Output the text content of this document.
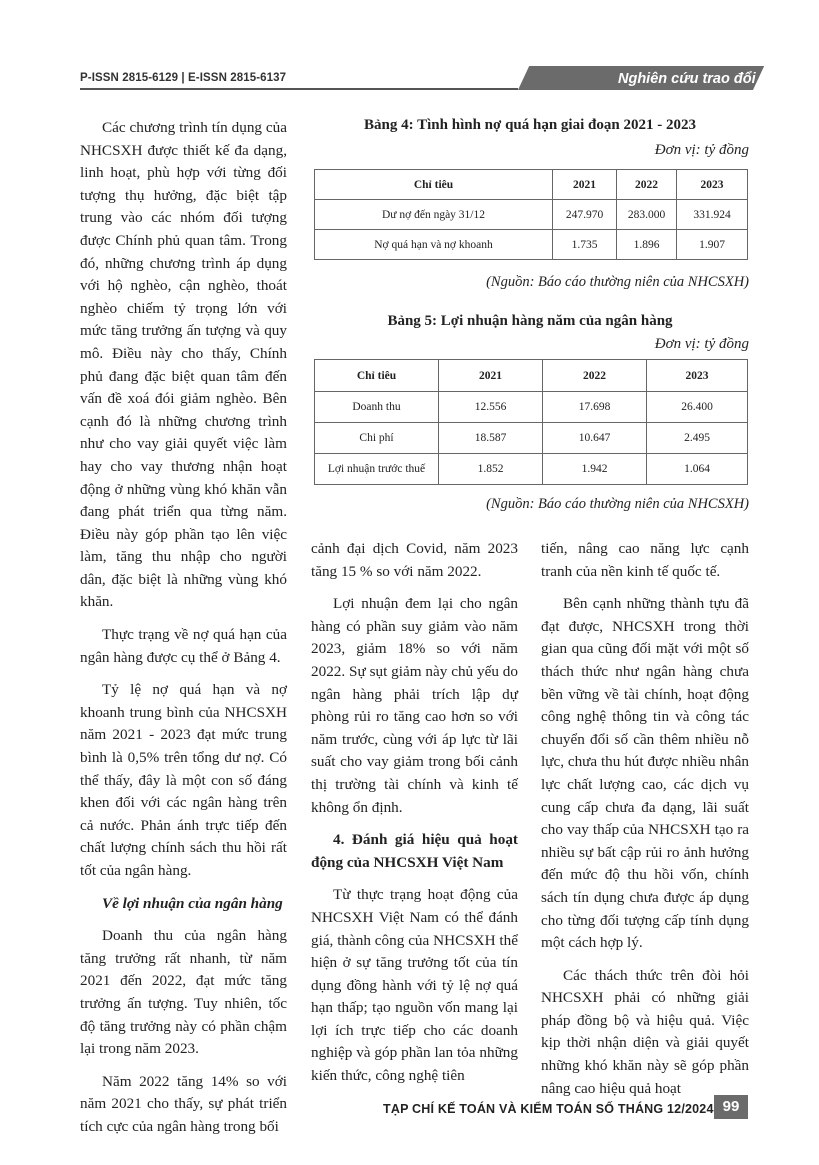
P-ISSN 2815-6129 | E-ISSN 2815-6137	Nghiên cứu trao đổi

Các chương trình tín dụng của NHCSXH được thiết kế đa dạng, linh hoạt, phù hợp với từng đối tượng thụ hưởng, đặc biệt tập trung vào các nhóm đối tượng được Chính phủ quan tâm. Trong đó, những chương trình áp dụng với hộ nghèo, cận nghèo, thoát nghèo chiếm tỷ trọng lớn với mức tăng trưởng ấn tượng và quy mô. Điều này cho thấy, Chính phủ đang đặc biệt quan tâm đến vấn đề xoá đói giảm nghèo. Bên cạnh đó là những chương trình như cho vay giải quyết việc làm hay cho vay thương nhận hoạt động ở những vùng khó khăn vẫn đang phát triển qua từng năm. Điều này góp phần tạo lên việc làm, tăng thu nhập cho người dân, đặc biệt là những vùng khó khăn.

Thực trạng về nợ quá hạn của ngân hàng được cụ thể ở Bảng 4.

Tỷ lệ nợ quá hạn và nợ khoanh trung bình của NHCSXH năm 2021 - 2023 đạt mức trung bình là 0,5% trên tổng dư nợ. Có thể thấy, đây là một con số đáng khen đối với các ngân hàng trên cả nước. Phản ánh trực tiếp đến chất lượng chính sách thu hồi rất tốt của ngân hàng.

Về lợi nhuận của ngân hàng

Doanh thu của ngân hàng tăng trưởng rất nhanh, từ năm 2021 đến 2022, đạt mức tăng trưởng ấn tượng. Tuy nhiên, tốc độ tăng trưởng này có phần chậm lại trong năm 2023.

Năm 2022 tăng 14% so với năm 2021 cho thấy, sự phát triển tích cực của ngân hàng trong bối

Bảng 4: Tình hình nợ quá hạn giai đoạn 2021 - 2023
Đơn vị: tỷ đồng
Chỉ tiêu	2021	2022	2023
Dư nợ đến ngày 31/12	247.970	283.000	331.924
Nợ quá hạn và nợ khoanh	1.735	1.896	1.907
(Nguồn: Báo cáo thường niên của NHCSXH)
Bảng 5: Lợi nhuận hàng năm của ngân hàng
Đơn vị: tỷ đồng
Chỉ tiêu	2021	2022	2023
Doanh thu	12.556	17.698	26.400
Chi phí	18.587	10.647	2.495
Lợi nhuận trước thuế	1.852	1.942	1.064
(Nguồn: Báo cáo thường niên của NHCSXH)

cảnh đại dịch Covid, năm 2023 tăng 15 % so với năm 2022.

Lợi nhuận đem lại cho ngân hàng có phần suy giảm vào năm 2023, giảm 18% so với năm 2022. Sự sụt giảm này chủ yếu do ngân hàng phải trích lập dự phòng rủi ro tăng cao hơn so với năm trước, cùng với áp lực từ lãi suất cho vay giảm trong bối cảnh thị trường tài chính và kinh tế không ổn định.

4. Đánh giá hiệu quả hoạt động của NHCSXH Việt Nam

Từ thực trạng hoạt động của NHCSXH Việt Nam có thể đánh giá, thành công của NHCSXH thể hiện ở sự tăng trưởng tốt của tín dụng đồng hành với tỷ lệ nợ quá hạn thấp; tạo nguồn vốn mang lại lợi ích trực tiếp cho các doanh nghiệp và góp phần lan tỏa những kiến thức, công nghệ tiên

tiến, nâng cao năng lực cạnh tranh của nền kinh tế quốc tế.

Bên cạnh những thành tựu đã đạt được, NHCSXH trong thời gian qua cũng đối mặt với một số thách thức như ngân hàng chưa bền vững về tài chính, hoạt động công nghệ thông tin và công tác chuyển đổi số cần thêm nhiều nỗ lực, chưa thu hút được nhiều nhân lực chất lượng cao, các dịch vụ cung cấp chưa đa dạng, lãi suất cho vay thấp của NHCSXH tạo ra nhiều sự bất cập rủi ro ảnh hưởng đến mức độ thu hồi vốn, chính sách tín dụng chưa được áp dụng cho từng đối tượng cấp tính dụng một cách hợp lý.

Các thách thức trên đòi hỏi NHCSXH phải có những giải pháp đồng bộ và hiệu quả. Việc kịp thời nhận diện và giải quyết những khó khăn này sẽ góp phần nâng cao hiệu quả hoạt

TẠP CHÍ KẾ TOÁN VÀ KIỂM TOÁN SỐ THÁNG 12/2024 99
